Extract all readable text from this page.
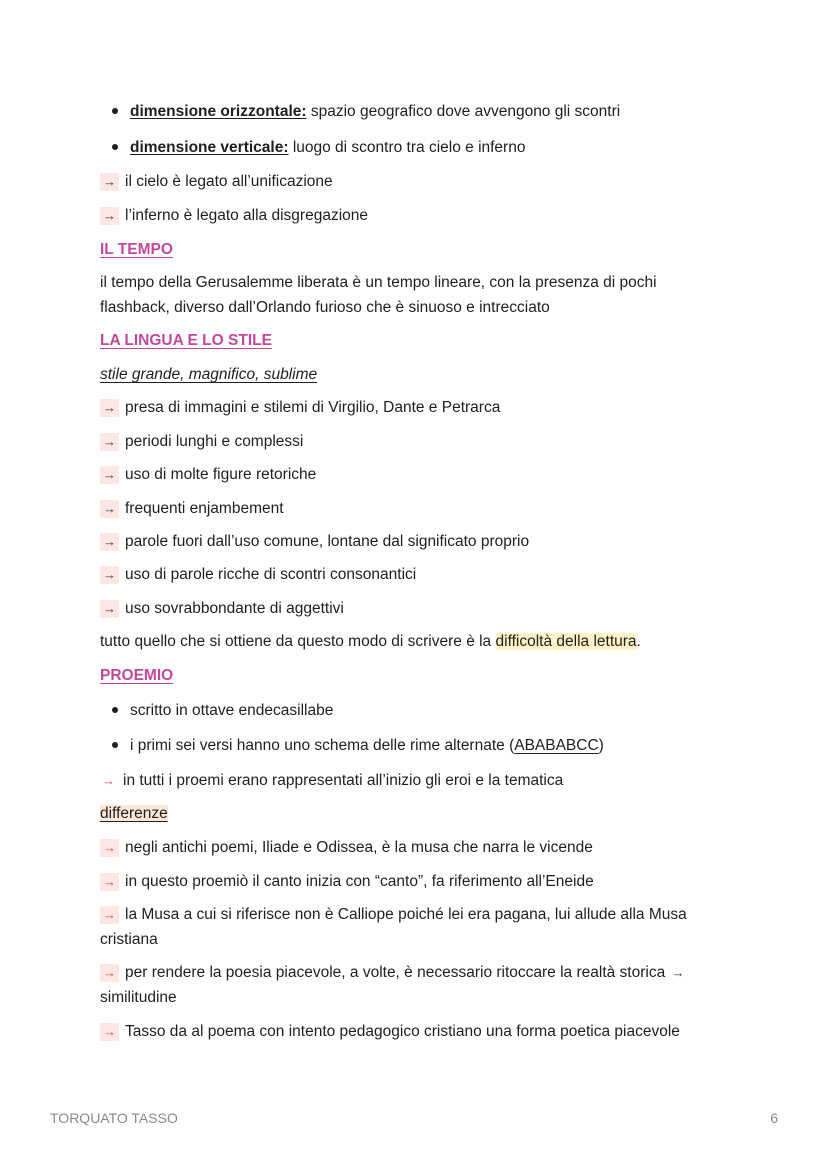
dimensione orizzontale: spazio geografico dove avvengono gli scontri
dimensione verticale: luogo di scontro tra cielo e inferno
→ il cielo è legato all’unificazione
→ l’inferno è legato alla disgregazione
IL TEMPO
il tempo della Gerusalemme liberata è un tempo lineare, con la presenza di pochi
flashback, diverso dall’Orlando furioso che è sinuoso e intrecciato
LA LINGUA E LO STILE
stile grande, magnifico, sublime
→ presa di immagini e stilemi di Virgilio, Dante e Petrarca
→ periodi lunghi e complessi
→ uso di molte figure retoriche
→ frequenti enjambement
→ parole fuori dall’uso comune, lontane dal significato proprio
→ uso di parole ricche di scontri consonantici
→ uso sovrabbondante di aggettivi
tutto quello che si ottiene da questo modo di scrivere è la difficoltà della lettura.
PROEMIO
scritto in ottave endecasillabe
i primi sei versi hanno uno schema delle rime alternate (ABABABCC)
→ in tutti i proemi erano rappresentati all’inizio gli eroi e la tematica
differenze
→ negli antichi poemi, Iliade e Odissea, è la musa che narra le vicende
→ in questo proemiò il canto inizia con “canto”, fa riferimento all’Eneide
→ la Musa a cui si riferisce non è Calliope poiché lei era pagana, lui allude alla Musa
cristiana
→ per rendere la poesia piacevole, a volte, è necessario ritoccare la realtà storica →
similitudine
→ Tasso da al poema con intento pedagogico cristiano una forma poetica piacevole
TORQUATO TASSO	6
